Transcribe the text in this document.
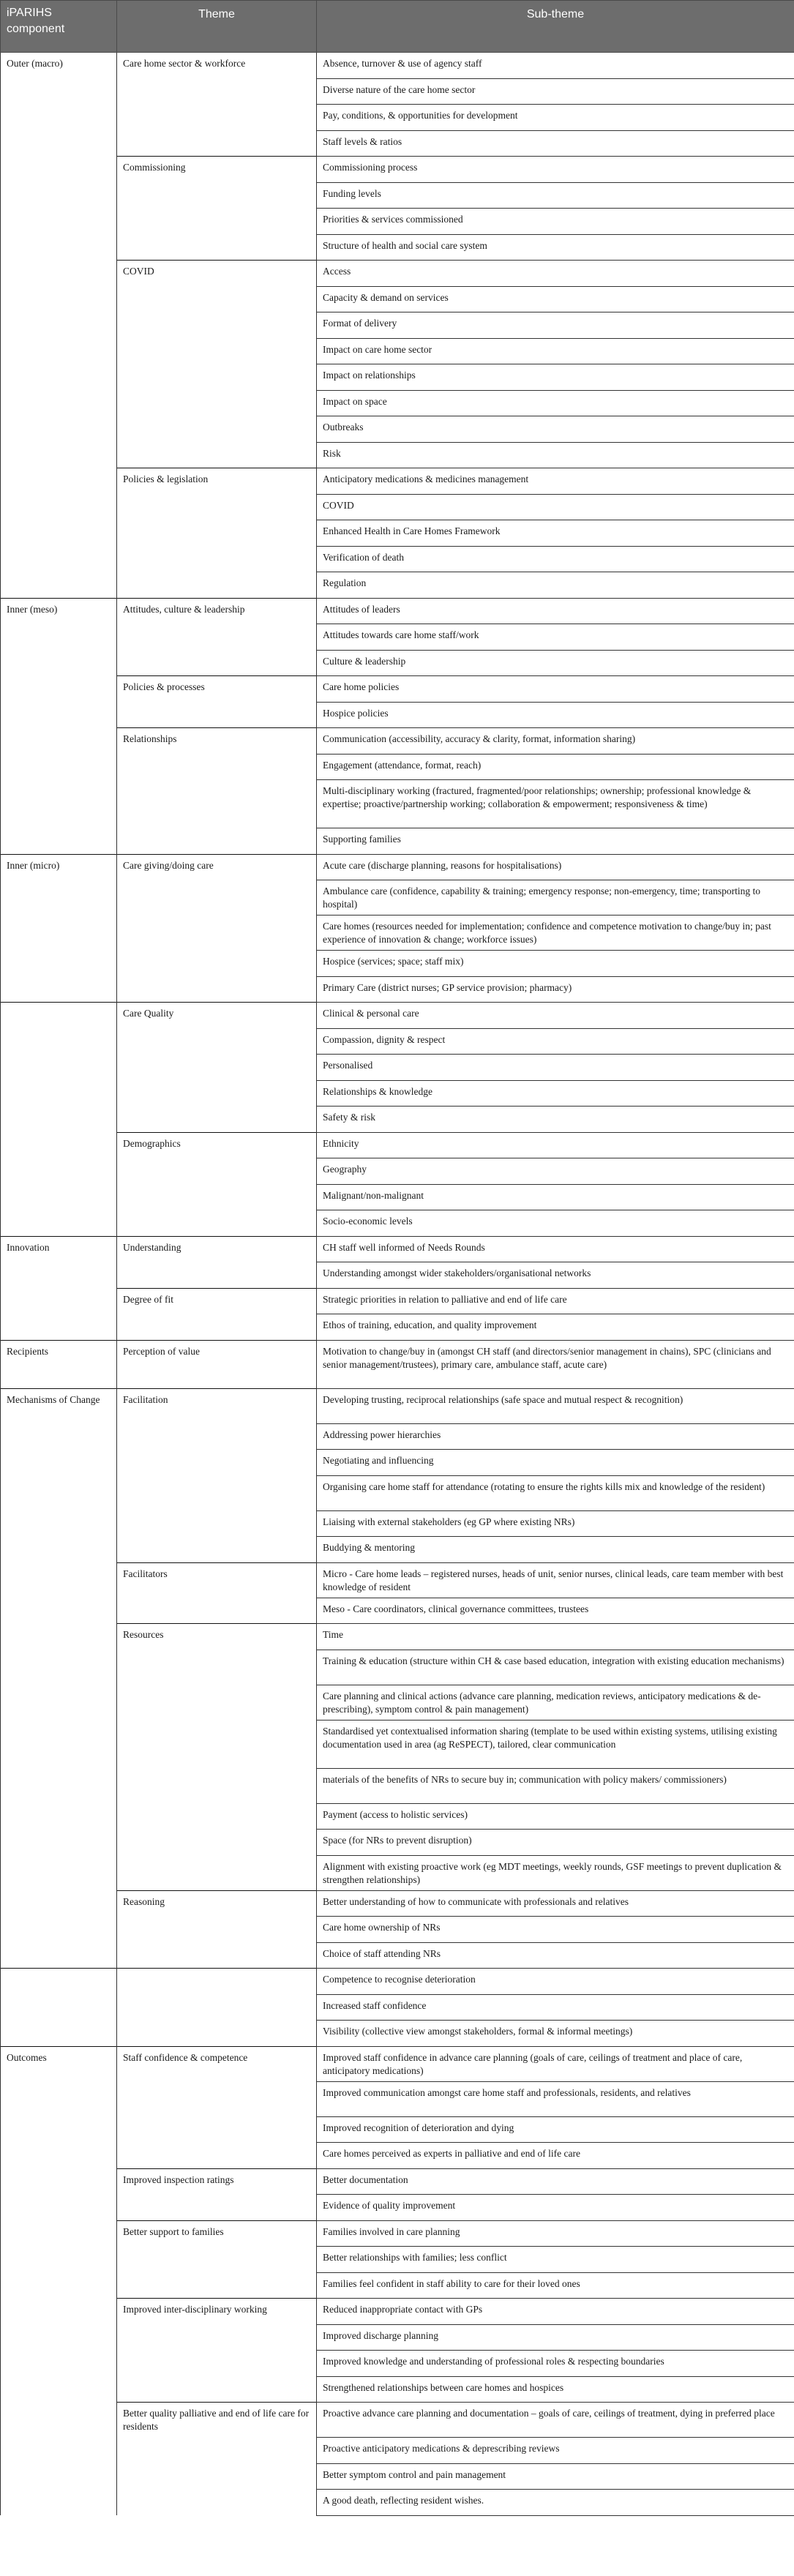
iPARIHS component	Theme	Sub-theme
Outer (macro)	Care home sector & workforce	Absence, turnover & use of agency staff
		Diverse nature of the care home sector
		Pay, conditions, & opportunities for development
		Staff levels & ratios
	Commissioning	Commissioning process
		Funding levels
		Priorities & services commissioned
		Structure of health and social care system
	COVID	Access
		Capacity & demand on services
		Format of delivery
		Impact on care home sector
		Impact on relationships
		Impact on space
		Outbreaks
		Risk
	Policies & legislation	Anticipatory medications & medicines management
		COVID
		Enhanced Health in Care Homes Framework
		Verification of death
		Regulation
Inner (meso)	Attitudes, culture & leadership	Attitudes of leaders
		Attitudes towards care home staff/work
		Culture & leadership
	Policies & processes	Care home policies
		Hospice policies
	Relationships	Communication (accessibility, accuracy & clarity, format, information sharing)
		Engagement (attendance, format, reach)
		Multi-disciplinary working (fractured, fragmented/poor relationships; ownership; professional knowledge & expertise; proactive/partnership working; collaboration & empowerment; responsiveness & time)
		Supporting families
Inner (micro)	Care giving/doing care	Acute care (discharge planning, reasons for hospitalisations)
		Ambulance care (confidence, capability & training; emergency response; non-emergency, time; transporting to hospital)
		Care homes (resources needed for implementation; confidence and competence motivation to change/buy in; past experience of innovation & change; workforce issues)
		Hospice (services; space; staff mix)
		Primary Care (district nurses; GP service provision; pharmacy)
	Care Quality	Clinical & personal care
		Compassion, dignity & respect
		Personalised
		Relationships & knowledge
		Safety & risk
	Demographics	Ethnicity
		Geography
		Malignant/non-malignant
		Socio-economic levels
Innovation	Understanding	CH staff well informed of Needs Rounds
		Understanding amongst wider stakeholders/organisational networks
	Degree of fit	Strategic priorities in relation to palliative and end of life care
		Ethos of training, education, and quality improvement
Recipients	Perception of value	Motivation to change/buy in (amongst CH staff (and directors/senior management in chains), SPC (clinicians and senior management/trustees), primary care, ambulance staff, acute care)
Mechanisms of Change	Facilitation	Developing trusting, reciprocal relationships (safe space and mutual respect & recognition)
		Addressing power hierarchies
		Negotiating and influencing
		Organising care home staff for attendance (rotating to ensure the rights kills mix and knowledge of the resident)
		Liaising with external stakeholders (eg GP where existing NRs)
		Buddying & mentoring
	Facilitators	Micro - Care home leads – registered nurses, heads of unit, senior nurses, clinical leads, care team member with best knowledge of resident
		Meso - Care coordinators, clinical governance committees, trustees
	Resources	Time
		Training & education (structure within CH & case based education, integration with existing education mechanisms)
		Care planning and clinical actions (advance care planning, medication reviews, anticipatory medications & de-prescribing), symptom control & pain management)
		Standardised yet contextualised information sharing (template to be used within existing systems, utilising existing documentation used in area (ag ReSPECT), tailored, clear communication
		materials of the benefits of NRs to secure buy in; communication with policy makers/ commissioners)
		Payment (access to holistic services)
		Space (for NRs to prevent disruption)
		Alignment with existing proactive work (eg MDT meetings, weekly rounds, GSF meetings to prevent duplication & strengthen relationships)
	Reasoning	Better understanding of how to communicate with professionals and relatives
		Care home ownership of NRs
		Choice of staff attending NRs
		Competence to recognise deterioration
		Increased staff confidence
		Visibility (collective view amongst stakeholders, formal & informal meetings)
Outcomes	Staff confidence & competence	Improved staff confidence in advance care planning (goals of care, ceilings of treatment and place of care, anticipatory medications)
		Improved communication amongst care home staff and professionals, residents, and relatives
		Improved recognition of deterioration and dying
		Care homes perceived as experts in palliative and end of life care
	Improved inspection ratings	Better documentation
		Evidence of quality improvement
	Better support to families	Families involved in care planning
		Better relationships with families; less conflict
		Families feel confident in staff ability to care for their loved ones
	Improved inter-disciplinary working	Reduced inappropriate contact with GPs
		Improved discharge planning
		Improved knowledge and understanding of professional roles & respecting boundaries
		Strengthened relationships between care homes and hospices
	Better quality palliative and end of life care for residents	Proactive advance care planning and documentation – goals of care, ceilings of treatment, dying in preferred place
		Proactive anticipatory medications & deprescribing reviews
		Better symptom control and pain management
		A good death, reflecting resident wishes.
